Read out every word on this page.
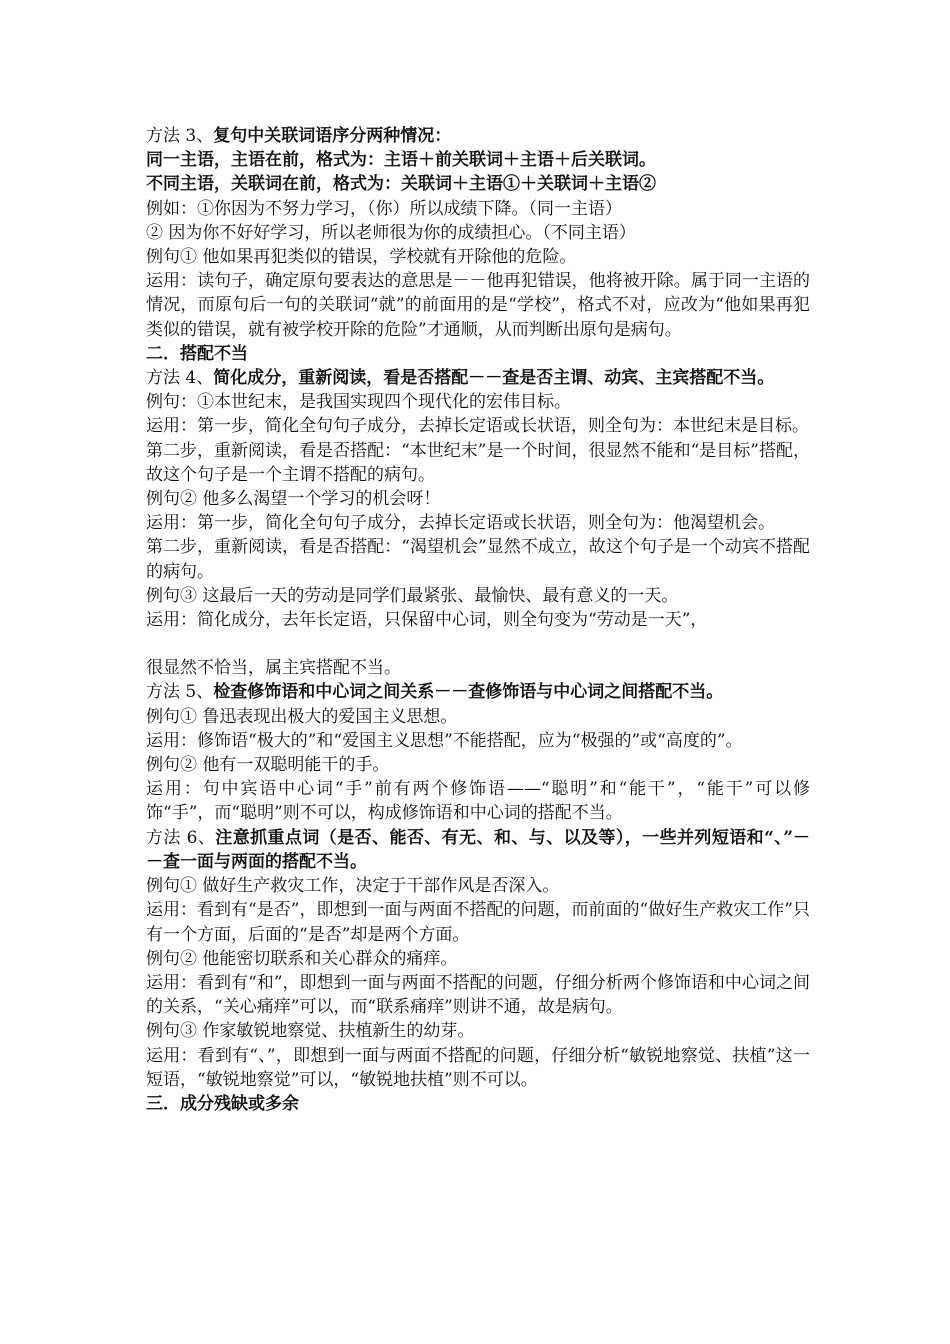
方法 3、复句中关联词语序分两种情况：

同一主语，主语在前，格式为：主语＋前关联词＋主语＋后关联词。

不同主语，关联词在前，格式为：关联词＋主语①＋关联词＋主语②

例如：①你因为不努力学习，（你）所以成绩下降。（同一主语）

② 因为你不好好学习，所以老师很为你的成绩担心。（不同主语）

例句① 他如果再犯类似的错误，学校就有开除他的危险。

运用：读句子，确定原句要表达的意思是－－他再犯错误，他将被开除。属于同一主语的情况，而原句后一句的关联词“就”的前面用的是“学校”，格式不对，应改为“他如果再犯类似的错误，就有被学校开除的危险”才通顺，从而判断出原句是病句。

二．搭配不当

方法 4、简化成分，重新阅读，看是否搭配－－查是否主谓、动宾、主宾搭配不当。

例句：①本世纪末，是我国实现四个现代化的宏伟目标。

运用：第一步，简化全句句子成分，去掉长定语或长状语，则全句为：本世纪末是目标。

第二步，重新阅读，看是否搭配：“本世纪末”是一个时间，很显然不能和“是目标”搭配，故这个句子是一个主谓不搭配的病句。

例句② 他多么渴望一个学习的机会呀！

运用：第一步，简化全句句子成分，去掉长定语或长状语，则全句为：他渴望机会。

第二步，重新阅读，看是否搭配：“渴望机会”显然不成立，故这个句子是一个动宾不搭配的病句。

例句③ 这最后一天的劳动是同学们最紧张、最愉快、最有意义的一天。

运用：简化成分，去年长定语，只保留中心词，则全句变为“劳动是一天”，

很显然不恰当，属主宾搭配不当。

方法 5、检查修饰语和中心词之间关系－－查修饰语与中心词之间搭配不当。

例句① 鲁迅表现出极大的爱国主义思想。

运用：修饰语“极大的”和“爱国主义思想”不能搭配，应为“极强的”或“高度的”。

例句② 他有一双聪明能干的手。

运用：句中宾语中心词“手”前有两个修饰语——“聪明”和“能干”，“能干”可以修饰“手”，而“聪明”则不可以，构成修饰语和中心词的搭配不当。

方法 6、注意抓重点词（是否、能否、有无、和、与、以及等），一些并列短语和“、”－－查一面与两面的搭配不当。

例句① 做好生产救灾工作，决定于干部作风是否深入。

运用：看到有“是否”，即想到一面与两面不搭配的问题，而前面的“做好生产救灾工作”只有一个方面，后面的“是否”却是两个方面。

例句② 他能密切联系和关心群众的痛痒。

运用：看到有“和”，即想到一面与两面不搭配的问题，仔细分析两个修饰语和中心词之间的关系，“关心痛痒”可以，而“联系痛痒”则讲不通，故是病句。

例句③ 作家敏锐地察觉、扶植新生的幼芽。

运用：看到有“、”，即想到一面与两面不搭配的问题，仔细分析“敏锐地察觉、扶植”这一短语，“敏锐地察觉”可以，“敏锐地扶植”则不可以。

三．成分残缺或多余
